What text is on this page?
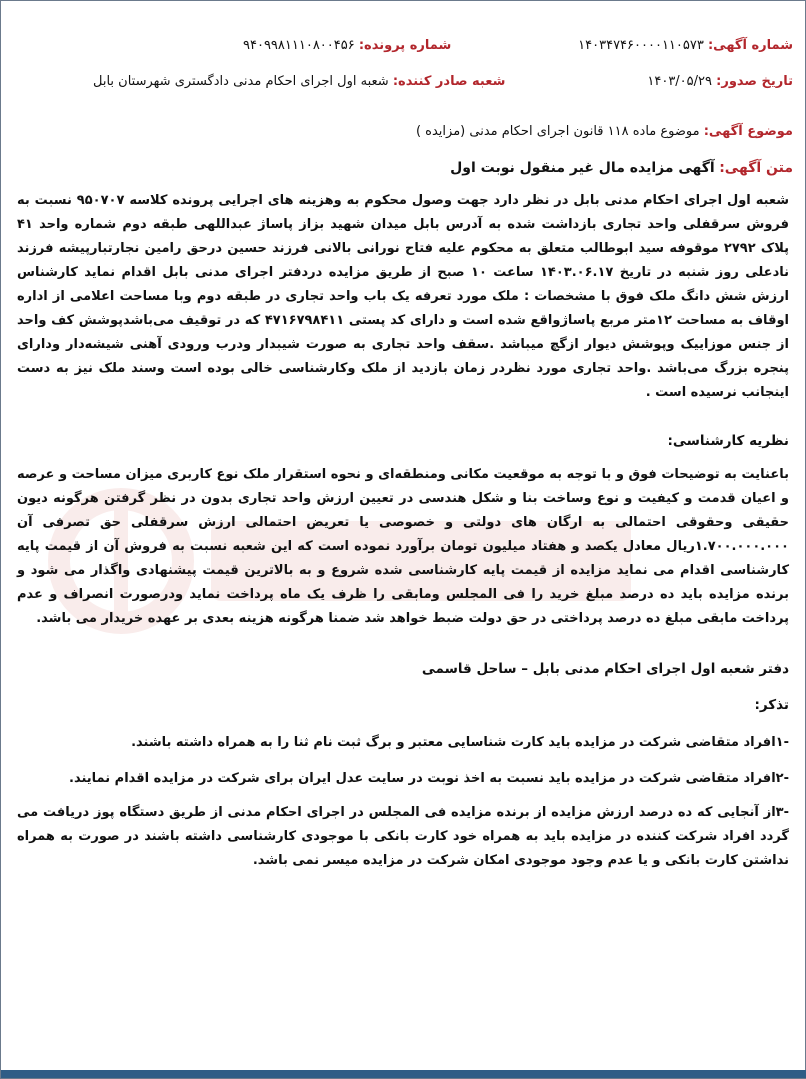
شماره آگهی: ۱۴۰۳۴۷۴۶۰۰۰۰۱۱۰۵۷۳
شماره پرونده: ۹۴۰۹۹۸۱۱۱۰۸۰۰۴۵۶
تاریخ صدور: ۱۴۰۳/۰۵/۲۹
شعبه صادر کننده: شعبه اول اجرای احکام مدنی دادگستری شهرستان بابل
موضوع آگهی: موضوع ماده ۱۱۸ قانون اجرای احکام مدنی (مزایده )
متن آگهی: آگهی مزایده مال غیر منقول نوبت اول
شعبه اول اجرای احکام مدنی بابل در نظر دارد جهت وصول محکوم به وهزینه های اجرایی پرونده کلاسه ۹۵۰۷۰۷ نسبت به فروش سرقفلی واحد تجاری بازداشت شده به آدرس بابل میدان شهید بزاز پاساژ عبداللهی طبقه دوم شماره واحد ۴۱ پلاک ۲۷۹۲ موقوفه سید ابوطالب متعلق به محکوم علیه فتاح نورانی بالانی فرزند حسین درحق رامین نجارتبارپیشه فرزند نادعلی روز شنبه در تاریخ ۱۴۰۳.۰۶.۱۷ ساعت ۱۰ صبح از طریق مزایده دردفتر اجرای مدنی بابل اقدام نماید کارشناس ارزش شش دانگ ملک فوق با مشخصات : ملک مورد تعرفه یک باب واحد تجاری در طبقه دوم وبا مساحت اعلامی از اداره اوقاف به مساحت ۱۲متر مربع پاساژواقع شده است و دارای کد پستی ۴۷۱۶۷۹۸۴۱۱ که در توقیف می‌باشدپوشش کف واحد از جنس موزاییک وپوشش دیوار ازگچ میباشد .سقف واحد تجاری به صورت شیبدار ودرب ورودی آهنی شیشه‌دار ودارای پنجره بزرگ می‌باشد .واحد تجاری مورد نظردر زمان بازدید از ملک وکارشناسی خالی بوده است وسند ملک نیز به دست اینجانب نرسیده است .
نظریه کارشناسی:
باعنایت به توضیحات فوق و با توجه به موقعیت مکانی ومنطقه‌ای و نحوه استقرار ملک نوع کاربری میزان مساحت و عرصه و اعیان قدمت و کیفیت و نوع وساخت بنا و شکل هندسی در تعیین ارزش واحد تجاری بدون در نظر گرفتن هرگونه دیون حقیقی وحقوقی احتمالی به ارگان های دولتی و خصوصی یا تعریض احتمالی ارزش سرقفلی حق تصرفی آن ۱.۷۰۰.۰۰۰.۰۰۰ریال معادل یکصد و هفتاد میلیون تومان برآورد نموده است که این شعبه نسبت به فروش آن از قیمت پایه کارشناسی اقدام می نماید مزایده از قیمت پایه کارشناسی شده شروع و به بالاترین قیمت پیشنهادی واگذار می شود و برنده مزایده باید ده درصد مبلغ خرید را فی المجلس ومابقی را ظرف یک ماه پرداخت نماید ودرصورت انصراف و عدم پرداخت مابقی مبلغ ده درصد پرداختی در حق دولت ضبط خواهد شد ضمنا هرگونه هزینه بعدی بر عهده خریدار می باشد.
دفتر شعبه اول اجرای احکام مدنی بابل – ساحل قاسمی
تذکر:
-۱افراد متقاضی شرکت در مزایده باید کارت شناسایی معتبر و برگ ثبت نام ثنا را به همراه داشته باشند.
-۲افراد متقاضی شرکت در مزایده باید نسبت به اخذ نوبت در سایت عدل ایران برای شرکت در مزایده اقدام نمایند.
-۳از آنجایی که ده درصد ارزش مزایده از برنده مزایده فی المجلس در اجرای احکام مدنی از طریق دستگاه پوز دریافت می گردد افراد شرکت کننده در مزایده باید به همراه خود کارت بانکی با موجودی کارشناسی داشته باشند در صورت به همراه نداشتن کارت بانکی و یا عدم وجود موجودی امکان شرکت در مزایده میسر نمی باشد.
